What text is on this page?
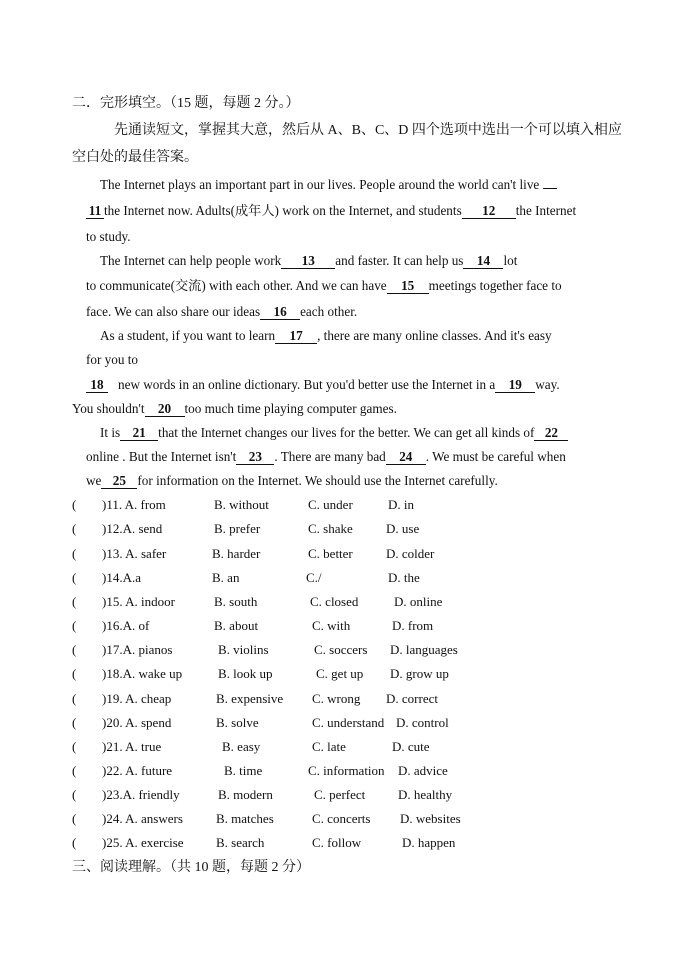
二．完形填空。（15 题，每题 2 分。）
先通读短文，掌握其大意，然后从 A、B、C、D 四个选项中选出一个可以填入相应
空白处的最佳答案。
The Internet plays an important part in our lives. People around the world can't live
11 the Internet now. Adults(成年人) work on the Internet, and students 12 the Internet
to study.
The Internet can help people work 13 and faster. It can help us 14 lot
to communicate(交流) with each other. And we can have 15 meetings together face to
face. We can also share our ideas 16 each other.
As a student, if you want to learn 17 , there are many online classes. And it's easy
for you to
18 new words in an online dictionary. But you'd better use the Internet in a 19 way.
You shouldn't 20 too much time playing computer games.
It is 21 that the Internet changes our lives for the better. We can get all kinds of 22
online . But the Internet isn't 23 . There are many bad 24 . We must be careful when
we 25 for information on the Internet. We should use the Internet carefully.
( )11. A. from	B. without	C. under	D. in
( )12.A. send	B. prefer	C. shake	D. use
( )13. A. safer	B. harder	C. better	D. colder
( )14.A.a	B. an	C./	D. the
( )15. A. indoor	B. south	C. closed	D. online
( )16.A. of	B. about	C. with	D. from
( )17.A. pianos	B. violins	C. soccers D. languages
( )18.A. wake up	B. look up	C. get up D. grow up
( )19. A. cheap	B. expensive C. wrong D. correct
( )20. A. spend	B. solve	C. understand D. control
( )21. A. true	B. easy	C. late	D. cute
( )22. A. future	B. time	C. information D. advice
( )23.A. friendly	B. modern	C. perfect	D. healthy
( )24. A. answers	B. matches	C. concerts D. websites
( )25. A. exercise B. search	C. follow	D. happen
三、阅读理解。（共 10 题，每题 2 分）
